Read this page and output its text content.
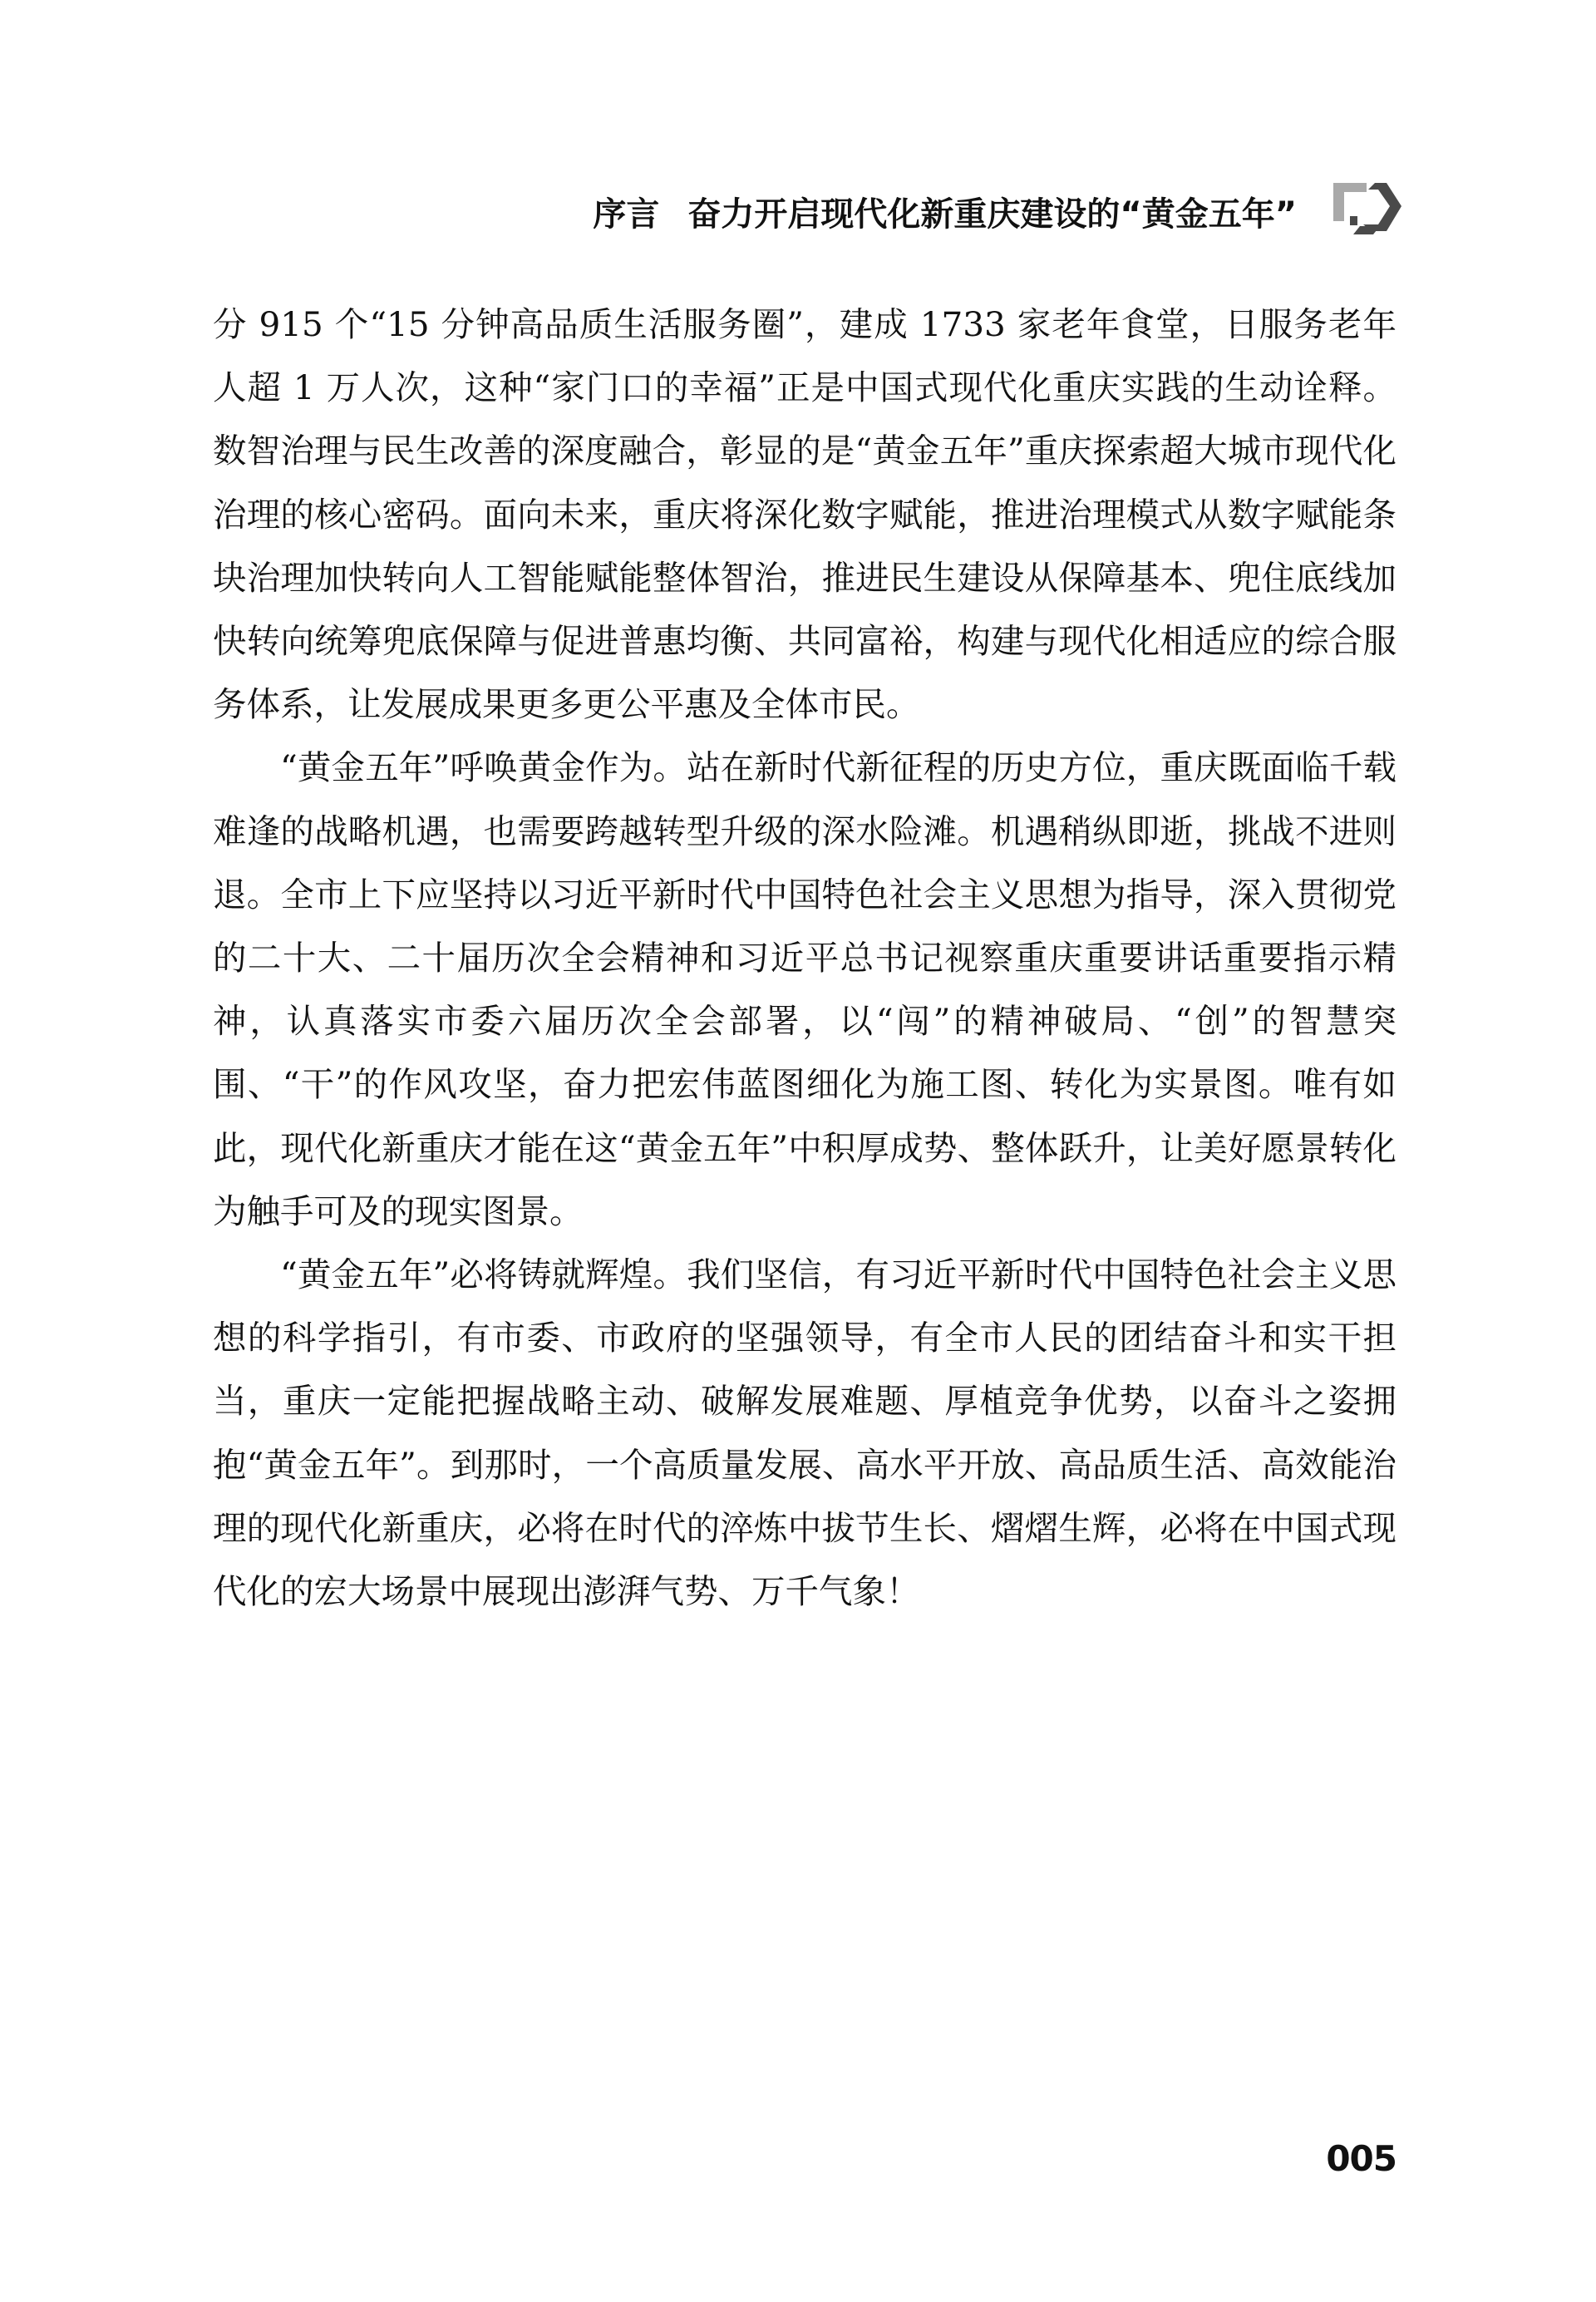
序言 奋力开启现代化新重庆建设的“黄金五年”

分 915 个“15 分钟高品质生活服务圈”，建成 1733 家老年食堂，日服务老年人超 1 万人次，这种“家门口的幸福”正是中国式现代化重庆实践的生动诠释。数智治理与民生改善的深度融合，彰显的是“黄金五年”重庆探索超大城市现代化治理的核心密码。面向未来，重庆将深化数字赋能，推进治理模式从数字赋能条块治理加快转向人工智能赋能整体智治，推进民生建设从保障基本、兜住底线加快转向统筹兜底保障与促进普惠均衡、共同富裕，构建与现代化相适应的综合服务体系，让发展成果更多更公平惠及全体市民。

“黄金五年”呼唤黄金作为。站在新时代新征程的历史方位，重庆既面临千载难逢的战略机遇，也需要跨越转型升级的深水险滩。机遇稍纵即逝，挑战不进则退。全市上下应坚持以习近平新时代中国特色社会主义思想为指导，深入贯彻党的二十大、二十届历次全会精神和习近平总书记视察重庆重要讲话重要指示精神，认真落实市委六届历次全会部署，以“闯”的精神破局、“创”的智慧突围、“干”的作风攻坚，奋力把宏伟蓝图细化为施工图、转化为实景图。唯有如此，现代化新重庆才能在这“黄金五年”中积厚成势、整体跃升，让美好愿景转化为触手可及的现实图景。

“黄金五年”必将铸就辉煌。我们坚信，有习近平新时代中国特色社会主义思想的科学指引，有市委、市政府的坚强领导，有全市人民的团结奋斗和实干担当，重庆一定能把握战略主动、破解发展难题、厚植竞争优势，以奋斗之姿拥抱“黄金五年”。到那时，一个高质量发展、高水平开放、高品质生活、高效能治理的现代化新重庆，必将在时代的淬炼中拔节生长、熠熠生辉，必将在中国式现代化的宏大场景中展现出澎湃气势、万千气象！

005
